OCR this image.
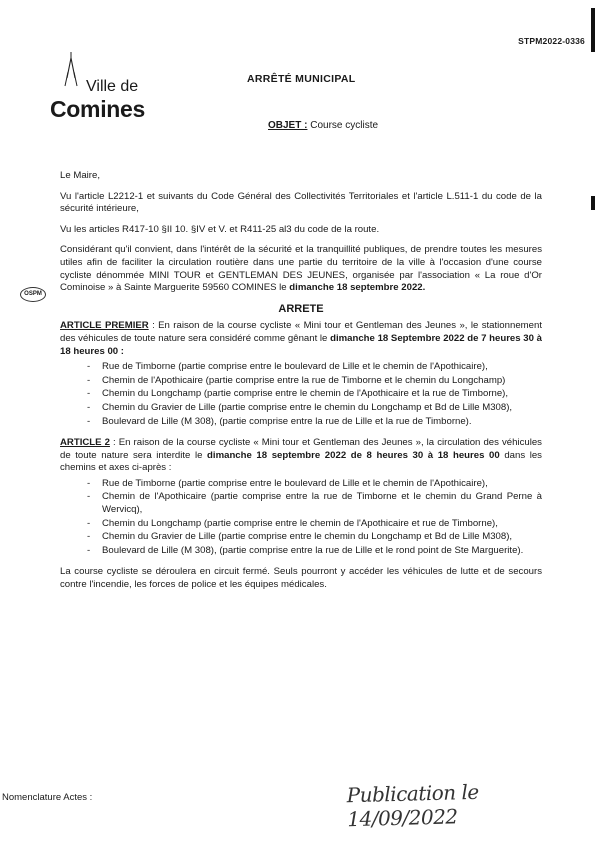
STPM2022-0336
Ville de
Comines
ARRÊTÉ MUNICIPAL
OBJET : Course cycliste
OSPM

Le Maire,

Vu l'article L2212-1 et suivants du Code Général des Collectivités Territoriales et l'article L.511-1 du code de la sécurité intérieure,

Vu les articles R417-10 §II 10. §IV et V. et R411-25 al3 du code de la route.

Considérant qu'il convient, dans l'intérêt de la sécurité et la tranquillité publiques, de prendre toutes les mesures utiles afin de faciliter la circulation routière dans une partie du territoire de la ville à l'occasion d'une course cycliste dénommée MINI TOUR et GENTLEMAN DES JEUNES, organisée par l'association « La roue d'Or Cominoise » à Sainte Marguerite 59560 COMINES le dimanche 18 septembre 2022.

ARRETE

ARTICLE PREMIER : En raison de la course cycliste « Mini tour et Gentleman des Jeunes », le stationnement des véhicules de toute nature sera considéré comme gênant le dimanche 18 Septembre 2022 de 7 heures 30 à 18 heures 00 :

- Rue de Timborne (partie comprise entre le boulevard de Lille et le chemin de l'Apothicaire),
- Chemin de l'Apothicaire (partie comprise entre la rue de Timborne et le chemin du Longchamp)
- Chemin du Longchamp (partie comprise entre le chemin de l'Apothicaire et la rue de Timborne),
- Chemin du Gravier de Lille (partie comprise entre le chemin du Longchamp et Bd de Lille M308),
- Boulevard de Lille (M 308), (partie comprise entre la rue de Lille et la rue de Timborne).

ARTICLE 2 : En raison de la course cycliste « Mini tour et Gentleman des Jeunes », la circulation des véhicules de toute nature sera interdite le dimanche 18 septembre 2022 de 8 heures 30 à 18 heures 00 dans les chemins et axes ci-après :

- Rue de Timborne (partie comprise entre le boulevard de Lille et le chemin de l'Apothicaire),
- Chemin de l'Apothicaire (partie comprise entre la rue de Timborne et le chemin du Grand Perne à Wervicq),
- Chemin du Longchamp (partie comprise entre le chemin de l'Apothicaire et rue de Timborne),
- Chemin du Gravier de Lille (partie comprise entre le chemin du Longchamp et Bd de Lille M308),
- Boulevard de Lille (M 308), (partie comprise entre la rue de Lille et le rond point de Ste Marguerite).

La course cycliste se déroulera en circuit fermé. Seuls pourront y accéder les véhicules de lutte et de secours contre l'incendie, les forces de police et les équipes médicales.

Nomenclature Actes :	Publication le 14/09/2022
